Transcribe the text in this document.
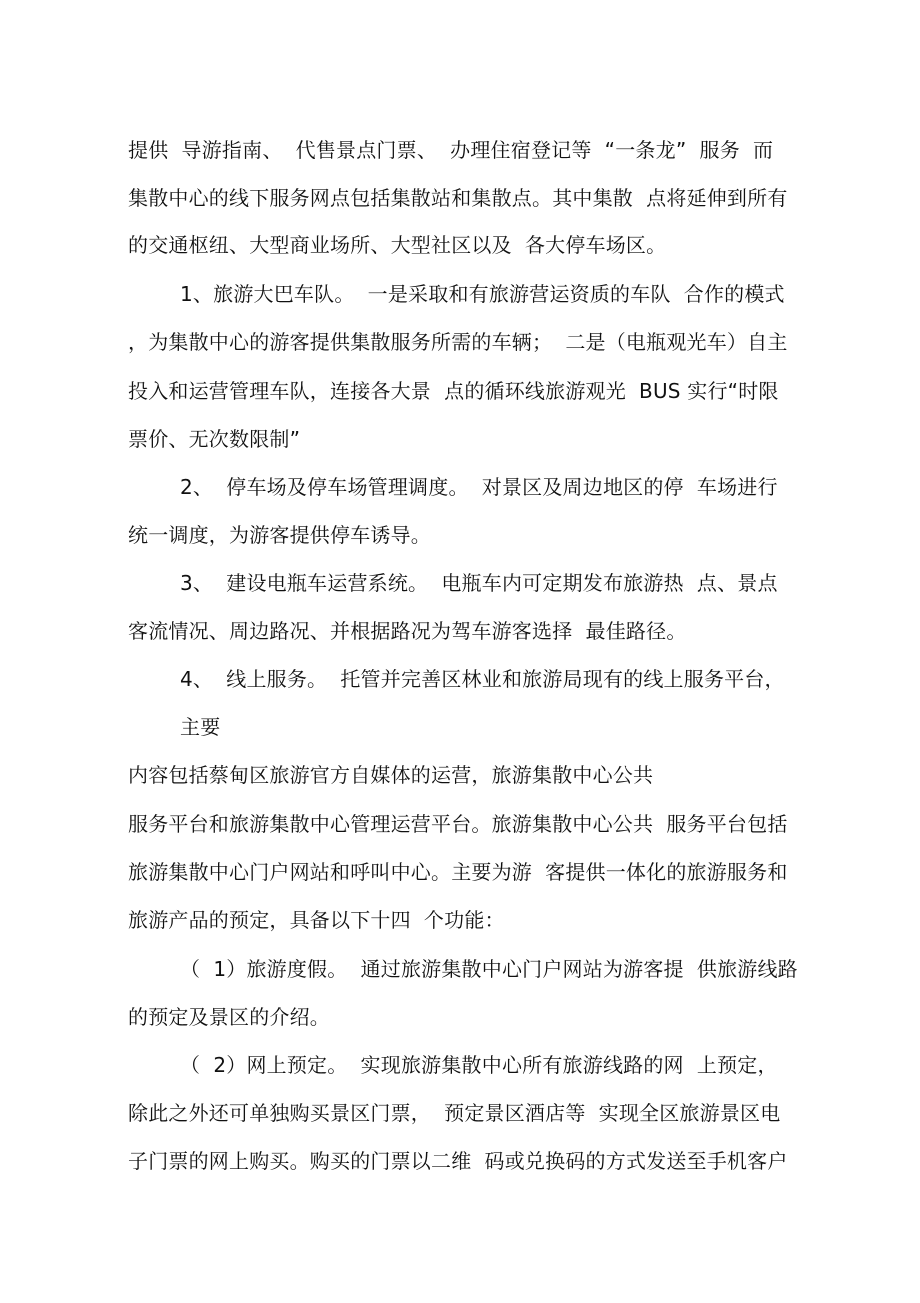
提供  导游指南、  代售景点门票、  办理住宿登记等  “一条龙”  服务  而
集散中心的线下服务网点包括集散站和集散点。其中集散  点将延伸到所有
的交通枢纽、大型商业场所、大型社区以及  各大停车场区。
1、旅游大巴车队。  一是采取和有旅游营运资质的车队  合作的模式
，为集散中心的游客提供集散服务所需的车辆；  二是（电瓶观光车）自主
投入和运营管理车队，连接各大景  点的循环线旅游观光  BUS 实行“时限
票价、无次数限制”
2、  停车场及停车场管理调度。  对景区及周边地区的停  车场进行
统一调度，为游客提供停车诱导。
3、  建设电瓶车运营系统。  电瓶车内可定期发布旅游热  点、景点
客流情况、周边路况、并根据路况为驾车游客选择  最佳路径。
4、  线上服务。  托管并完善区林业和旅游局现有的线上服务平台，
主要
内容包括蔡甸区旅游官方自媒体的运营，旅游集散中心公共
服务平台和旅游集散中心管理运营平台。旅游集散中心公共  服务平台包括
旅游集散中心门户网站和呼叫中心。主要为游  客提供一体化的旅游服务和
旅游产品的预定，具备以下十四  个功能：
（  1）旅游度假。  通过旅游集散中心门户网站为游客提  供旅游线路
的预定及景区的介绍。
（  2）网上预定。  实现旅游集散中心所有旅游线路的网  上预定，
除此之外还可单独购买景区门票，  预定景区酒店等  实现全区旅游景区电
子门票的网上购买。购买的门票以二维  码或兑换码的方式发送至手机客户
